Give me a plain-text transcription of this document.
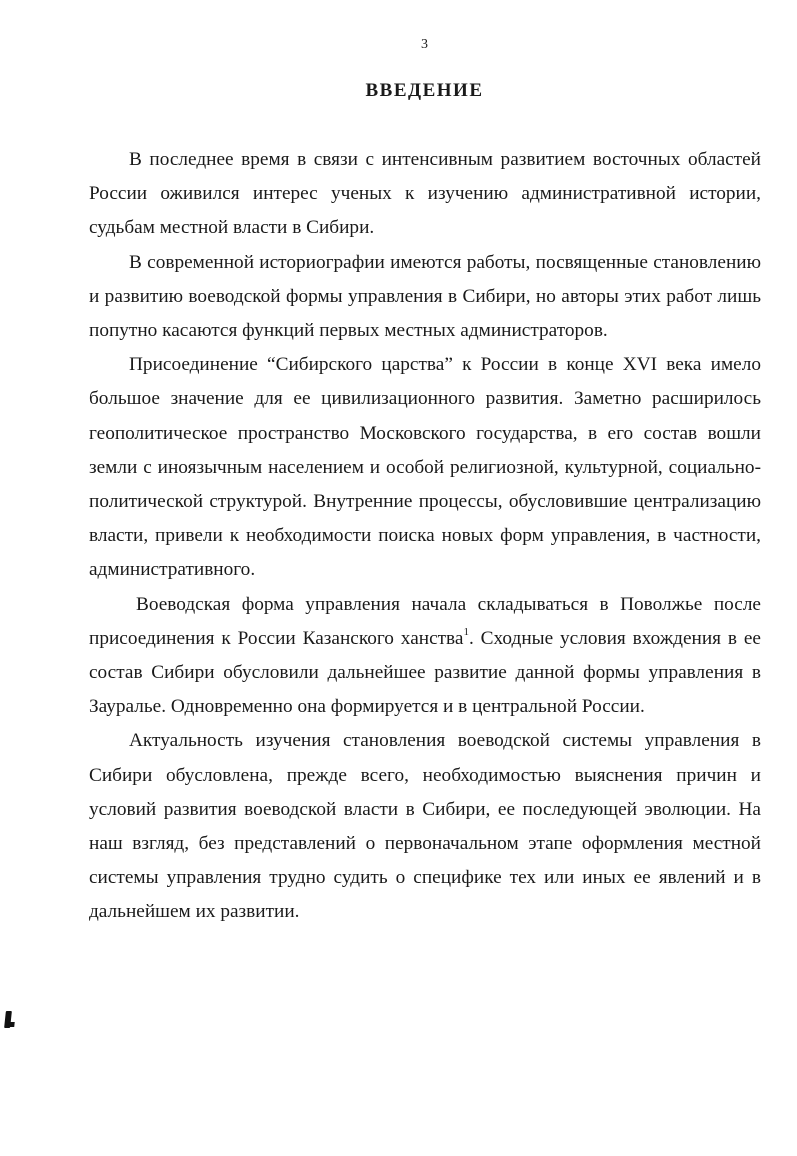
3
ВВЕДЕНИЕ

В последнее время в связи с интенсивным развитием восточных областей России оживился интерес ученых к изучению административной истории, судьбам местной власти в Сибири.

В современной историографии имеются работы, посвященные становлению и развитию воеводской формы управления в Сибири, но авторы этих работ лишь попутно касаются функций первых местных администраторов.

Присоединение “Сибирского царства” к России в конце XVI века имело большое значение для ее цивилизационного развития. Заметно расширилось геополитическое пространство Московского государства, в его состав вошли земли с иноязычным населением и особой религиозной, культурной, социально-политической структурой. Внутренние процессы, обусловившие централизацию власти, привели к необходимости поиска новых форм управления, в частности, административного.

Воеводская форма управления начала складываться в Поволжье после присоединения к России Казанского ханства$^1$. Сходные условия вхождения в ее состав Сибири обусловили дальнейшее развитие данной формы управления в Зауралье. Одновременно она формируется и в центральной России.

Актуальность изучения становления воеводской системы управления в Сибири обусловлена, прежде всего, необходимостью выяснения причин и условий развития воеводской власти в Сибири, ее последующей эволюции. На наш взгляд, без представлений о первоначальном этапе оформления местной системы управления трудно судить о специфике тех или иных ее явлений и в дальнейшем их развитии.
